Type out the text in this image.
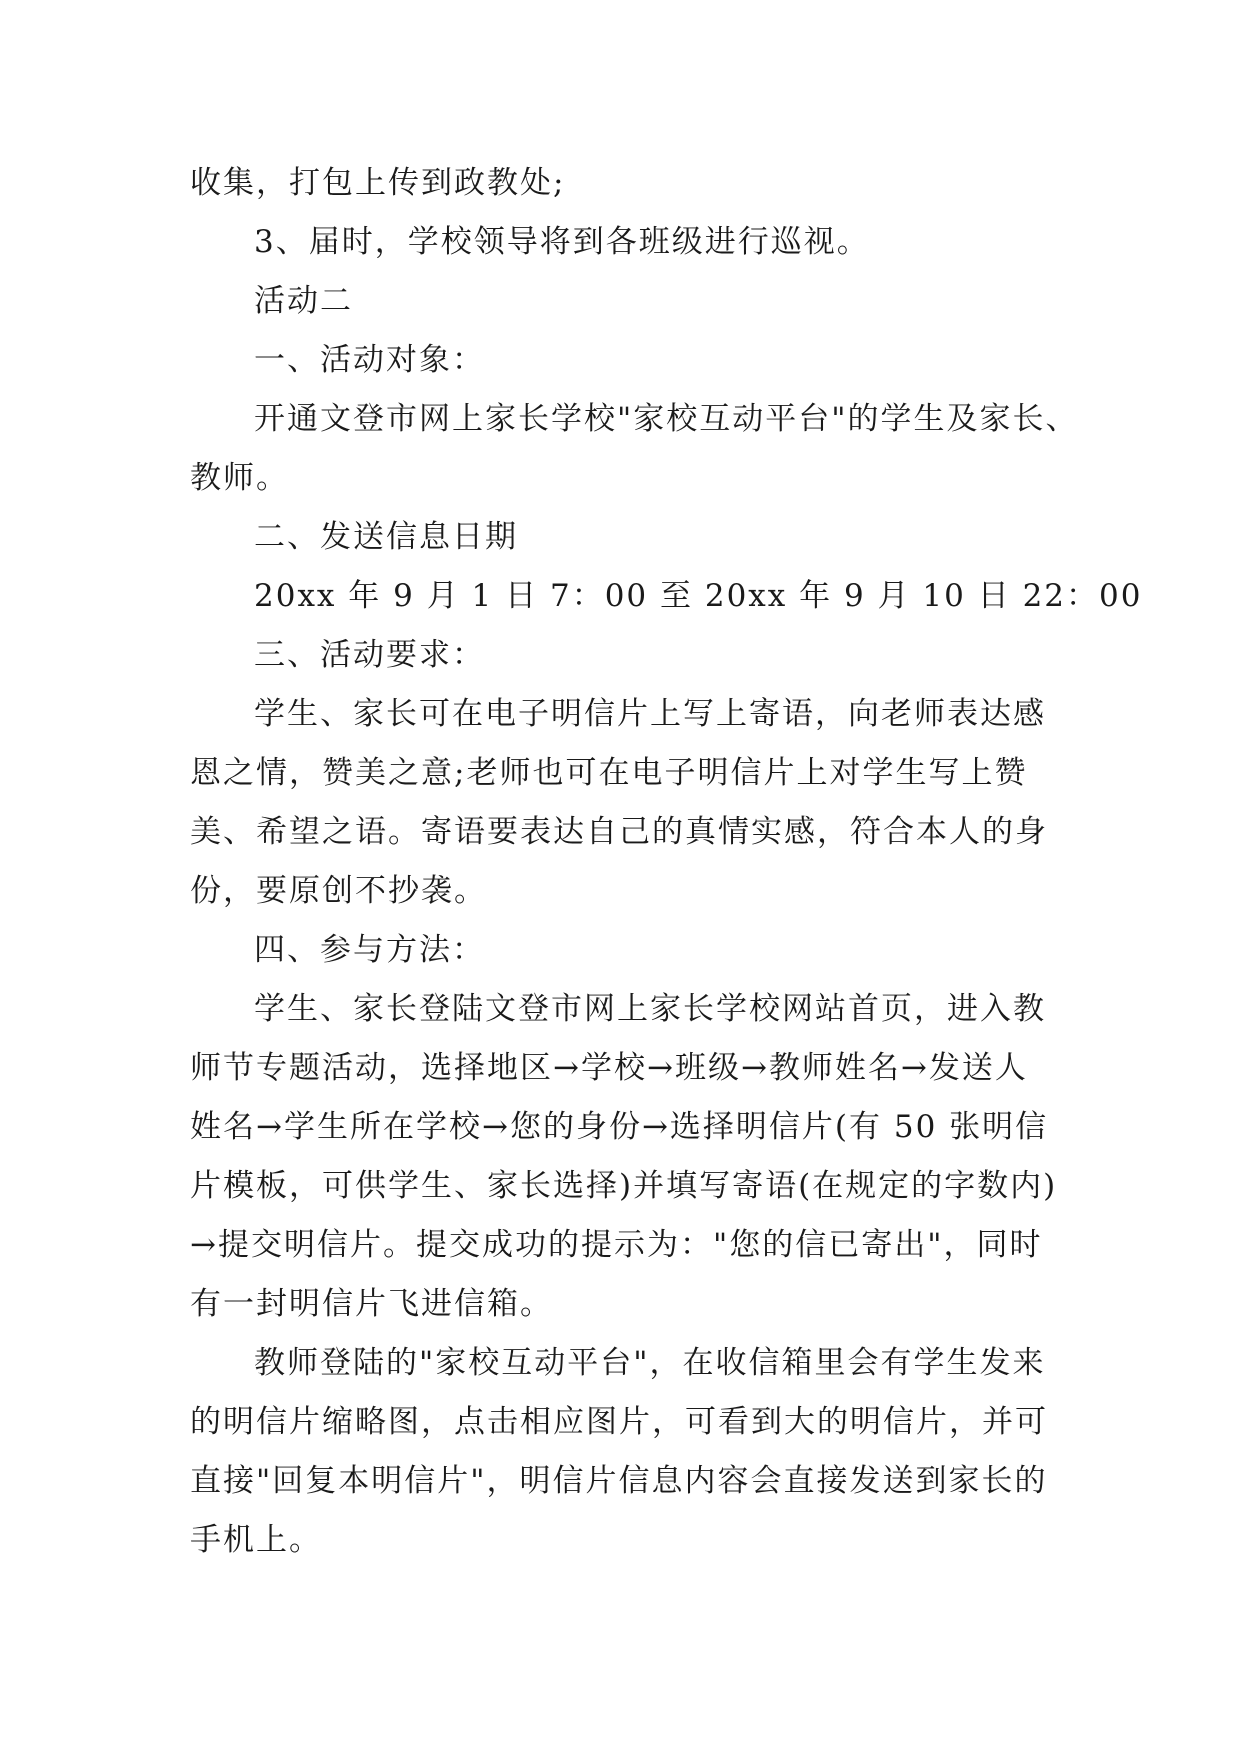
收集，打包上传到政教处;
3、届时，学校领导将到各班级进行巡视。
活动二
一、活动对象：
开通文登市网上家长学校"家校互动平台"的学生及家长、
教师。
二、发送信息日期
20xx 年 9 月 1 日 7：00 至 20xx 年 9 月 10 日 22：00
三、活动要求：
学生、家长可在电子明信片上写上寄语，向老师表达感
恩之情，赞美之意;老师也可在电子明信片上对学生写上赞
美、希望之语。寄语要表达自己的真情实感，符合本人的身
份，要原创不抄袭。
四、参与方法：
学生、家长登陆文登市网上家长学校网站首页，进入教
师节专题活动，选择地区→学校→班级→教师姓名→发送人
姓名→学生所在学校→您的身份→选择明信片(有 50 张明信
片模板，可供学生、家长选择)并填写寄语(在规定的字数内)
→提交明信片。提交成功的提示为："您的信已寄出"，同时
有一封明信片飞进信箱。
教师登陆的"家校互动平台"，在收信箱里会有学生发来
的明信片缩略图，点击相应图片，可看到大的明信片，并可
直接"回复本明信片"，明信片信息内容会直接发送到家长的
手机上。
